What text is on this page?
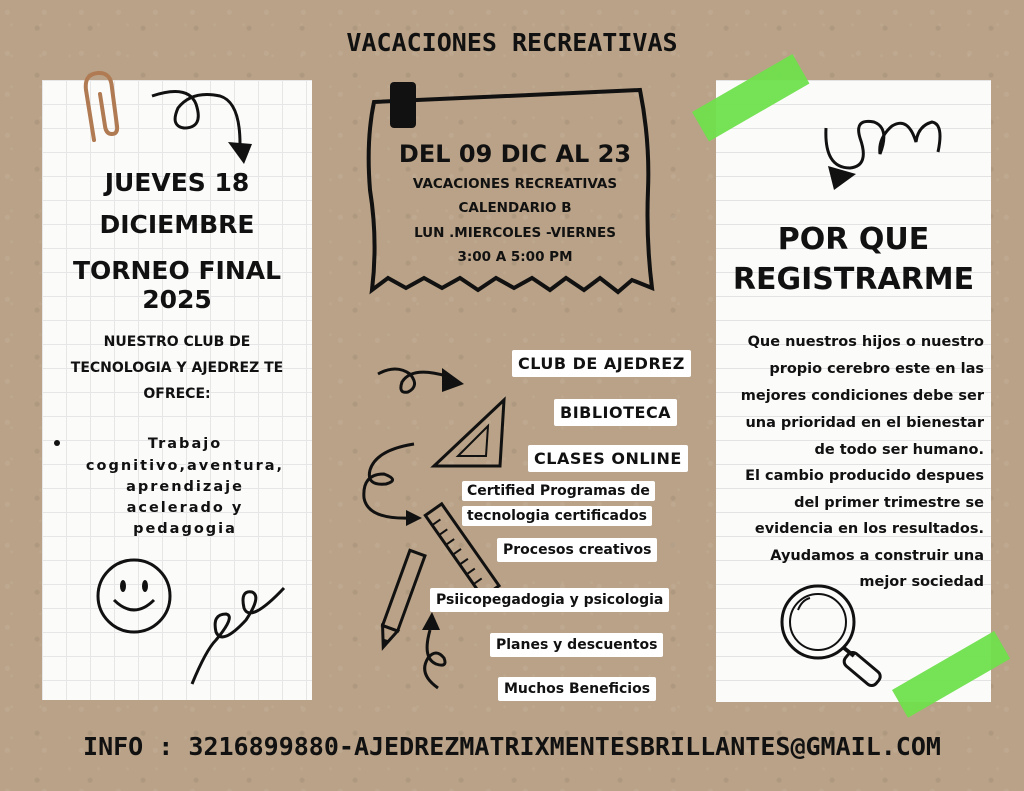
VACACIONES RECREATIVAS
JUEVES 18
DICIEMBRE
TORNEO FINAL 2025
NUESTRO CLUB DE
TECNOLOGIA Y AJEDREZ TE
OFRECE:
Trabajo
cognitivo,aventura,
aprendizaje
acelerado y
pedagogia
DEL 09 DIC AL 23
VACACIONES RECREATIVAS
CALENDARIO B
LUN .MIERCOLES -VIERNES
3:00 A 5:00 PM
CLUB DE AJEDREZ
BIBLIOTECA
CLASES ONLINE
Certified Programas de
tecnologia certificados
Procesos creativos
Psiicopegadogia y psicologia
Planes y descuentos
Muchos Beneficios
POR QUE
REGISTRARME
Que nuestros hijos o nuestro
propio cerebro este en las
mejores condiciones debe ser
una prioridad en el bienestar
de todo ser humano.
El cambio producido despues
del primer trimestre se
evidencia en los resultados.
Ayudamos a construir una
mejor sociedad
INFO : 3216899880-AJEDREZMATRIXMENTESBRILLANTES@GMAIL.COM
